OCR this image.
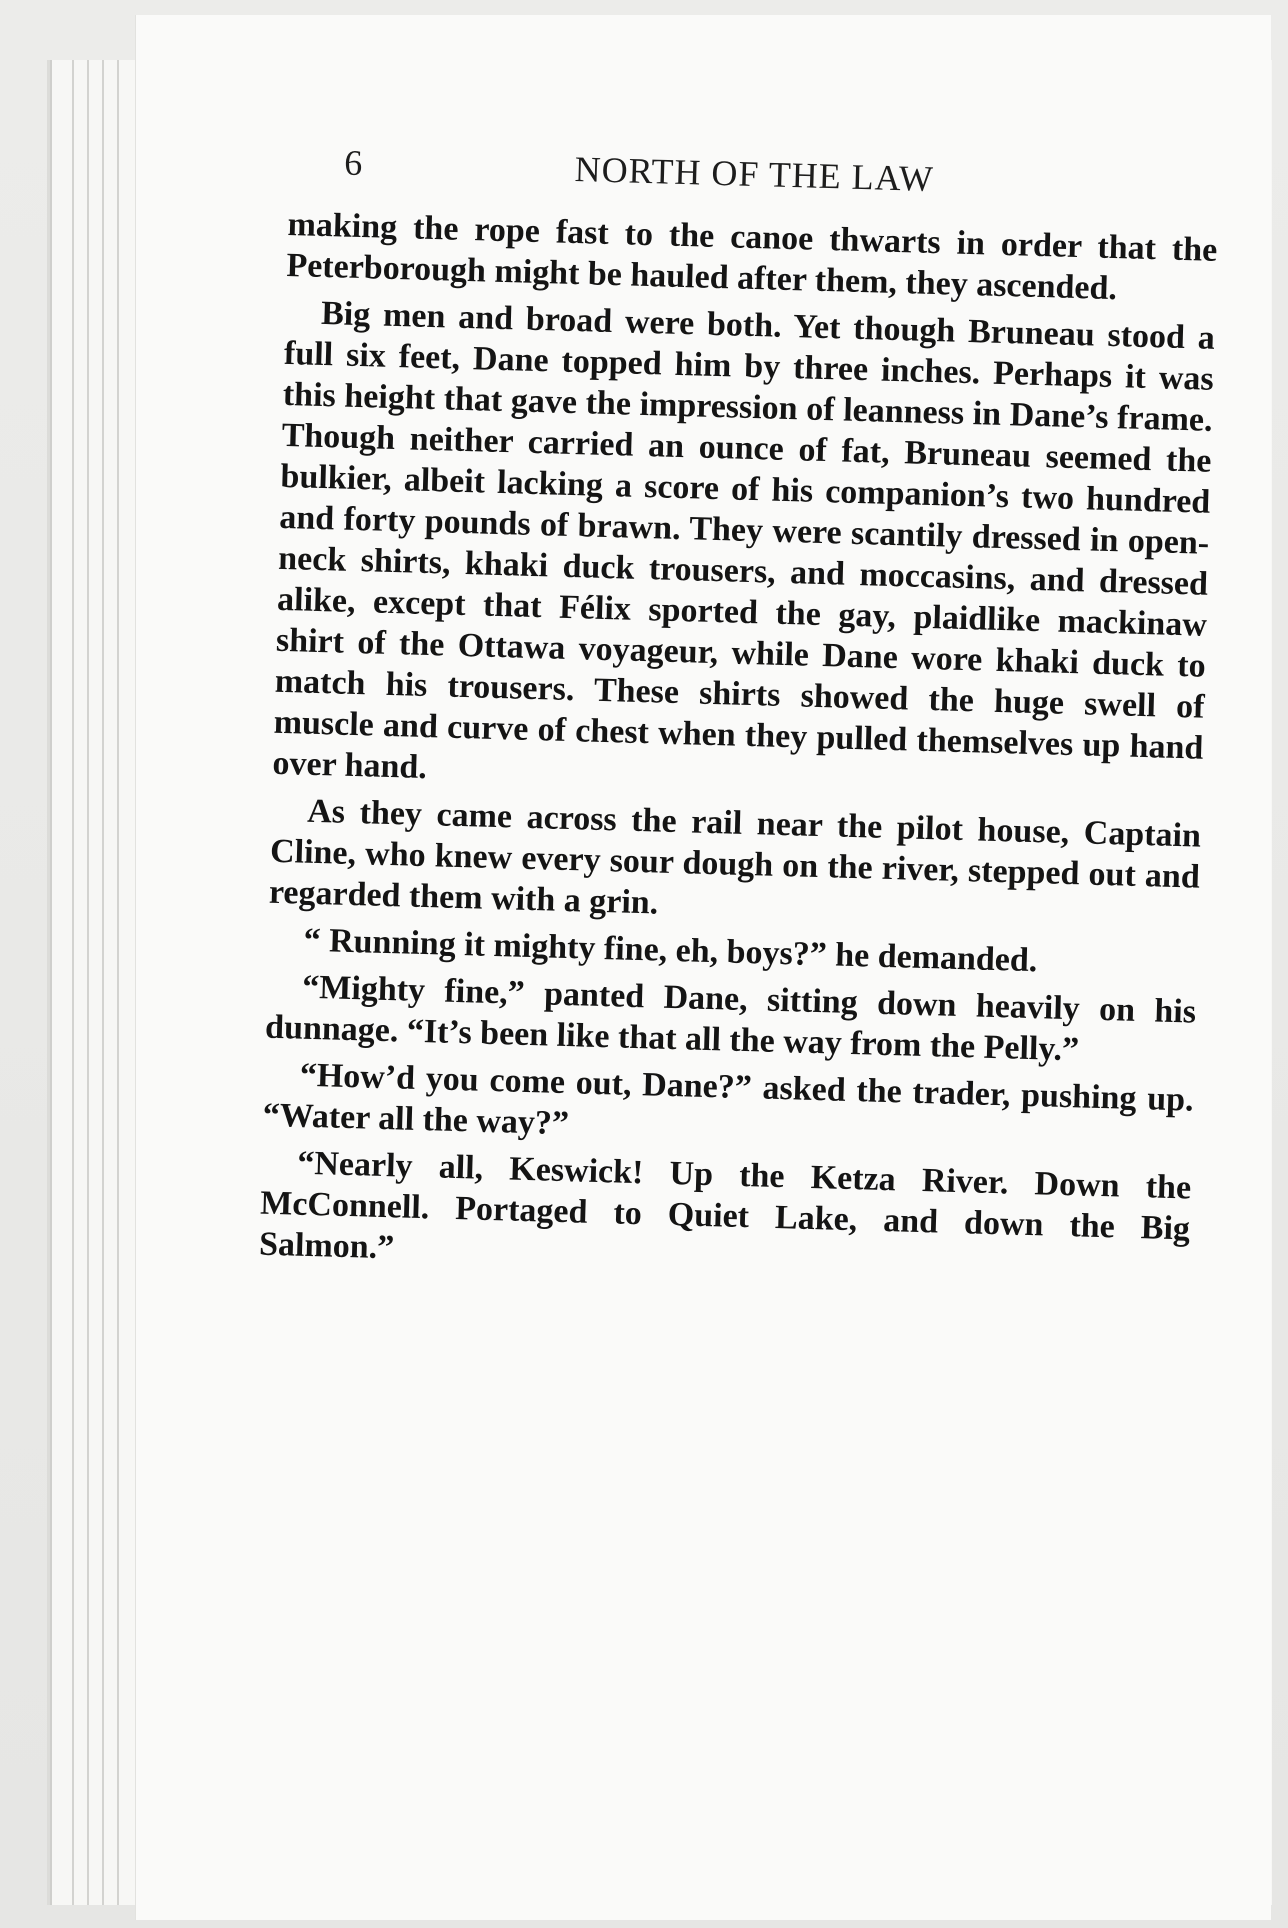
6	NORTH OF THE LAW

making the rope fast to the canoe thwarts in order that the Peterborough might be hauled after them, they ascended.

Big men and broad were both. Yet though Bruneau stood a full six feet, Dane topped him by three inches. Perhaps it was this height that gave the impression of leanness in Dane’s frame. Though neither carried an ounce of fat, Bruneau seemed the bulkier, albeit lacking a score of his companion’s two hundred and forty pounds of brawn. They were scantily dressed in open-neck shirts, khaki duck trousers, and moccasins, and dressed alike, except that Félix sported the gay, plaidlike mackinaw shirt of the Ottawa voyageur, while Dane wore khaki duck to match his trousers. These shirts showed the huge swell of muscle and curve of chest when they pulled themselves up hand over hand.

As they came across the rail near the pilot house, Captain Cline, who knew every sour dough on the river, stepped out and regarded them with a grin.

“ Running it mighty fine, eh, boys?” he demanded.

“Mighty fine,” panted Dane, sitting down heavily on his dunnage. “It’s been like that all the way from the Pelly.”

“How’d you come out, Dane?” asked the trader, pushing up. “Water all the way?”

“Nearly all, Keswick! Up the Ketza River. Down the McConnell. Portaged to Quiet Lake, and down the Big Salmon.”
